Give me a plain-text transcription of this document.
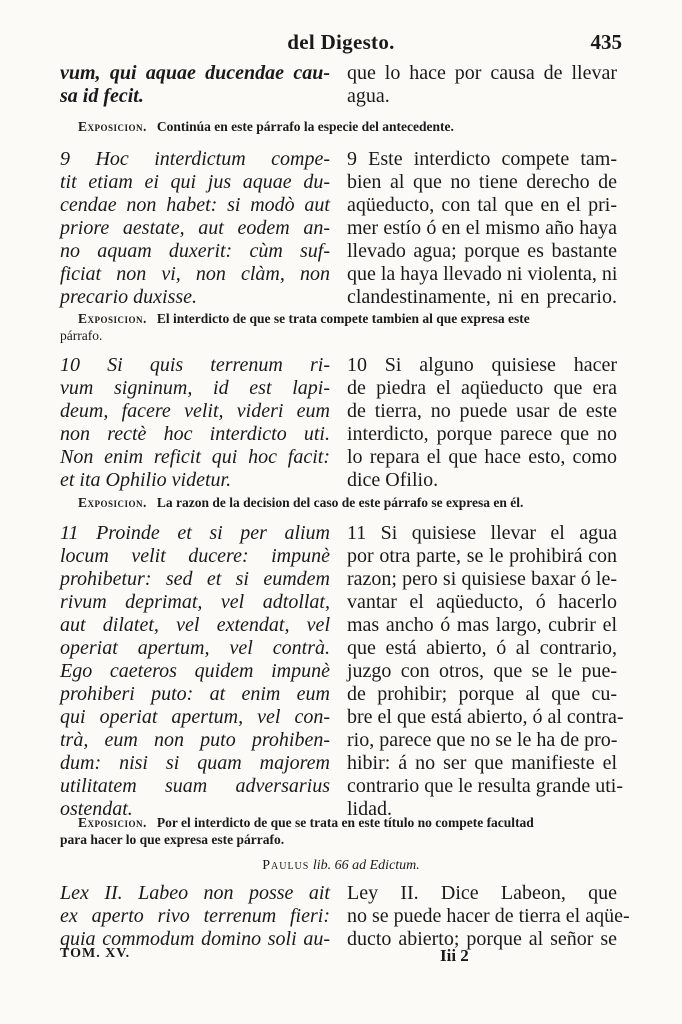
del Digesto.	435
vum, qui aquae ducendae cau-
sa id fecit.
que lo hace por causa de llevar
agua.
Exposicion. Continúa en este párrafo la especie del antecedente.
9 Hoc interdictum compe-
tit etiam ei qui jus aquae du-
cendae non habet: si modò aut
priore aestate, aut eodem an-
no aquam duxerit: cùm suf-
ficiat non vi, non clàm, non
precario duxisse.
9 Este interdicto compete tam-
bien al que no tiene derecho de
aqüeducto, con tal que en el pri-
mer estío ó en el mismo año haya
llevado agua; porque es bastante
que la haya llevado ni violenta, ni
clandestinamente, ni en precario.
Exposicion. El interdicto de que se trata compete tambien al que expresa este
párrafo.
10 Si quis terrenum ri-
vum signinum, id est lapi-
deum, facere velit, videri eum
non rectè hoc interdicto uti.
Non enim reficit qui hoc facit:
et ita Ophilio videtur.
10 Si alguno quisiese hacer
de piedra el aqüeducto que era
de tierra, no puede usar de este
interdicto, porque parece que no
lo repara el que hace esto, como
dice Ofilio.
Exposicion. La razon de la decision del caso de este párrafo se expresa en él.
11 Proinde et si per alium
locum velit ducere: impunè
prohibetur: sed et si eumdem
rivum deprimat, vel adtollat,
aut dilatet, vel extendat, vel
operiat apertum, vel contrà.
Ego caeteros quidem impunè
prohiberi puto: at enim eum
qui operiat apertum, vel con-
trà, eum non puto prohiben-
dum: nisi si quam majorem
utilitatem suam adversarius
ostendat.
11 Si quisiese llevar el agua
por otra parte, se le prohibirá con
razon; pero si quisiese baxar ó le-
vantar el aqüeducto, ó hacerlo
mas ancho ó mas largo, cubrir el
que está abierto, ó al contrario,
juzgo con otros, que se le pue-
de prohibir; porque al que cu-
bre el que está abierto, ó al contra-
rio, parece que no se le ha de pro-
hibir: á no ser que manifieste el
contrario que le resulta grande uti-
lidad.
Exposicion. Por el interdicto de que se trata en este título no compete facultad
para hacer lo que expresa este párrafo.
Paulus lib. 66 ad Edictum.
Lex II. Labeo non posse ait
ex aperto rivo terrenum fieri:
quia commodum domino soli au-
Ley II. Dice Labeon, que
no se puede hacer de tierra el aqüe-
ducto abierto; porque al señor se
TOM. XV.	Iii 2
